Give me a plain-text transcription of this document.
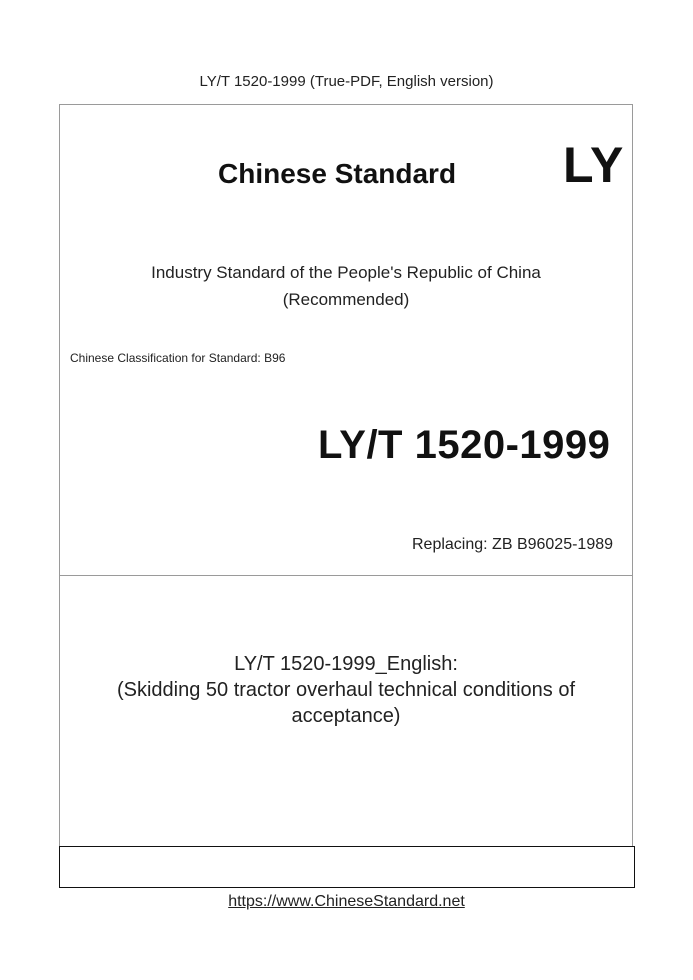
LY/T 1520-1999 (True-PDF, English version)
Chinese Standard LY
Industry Standard of the People's Republic of China
(Recommended)
Chinese Classification for Standard: B96
LY/T 1520-1999
Replacing: ZB B96025-1989
LY/T 1520-1999_English:
(Skidding 50 tractor overhaul technical conditions of
acceptance)
https://www.ChineseStandard.net
